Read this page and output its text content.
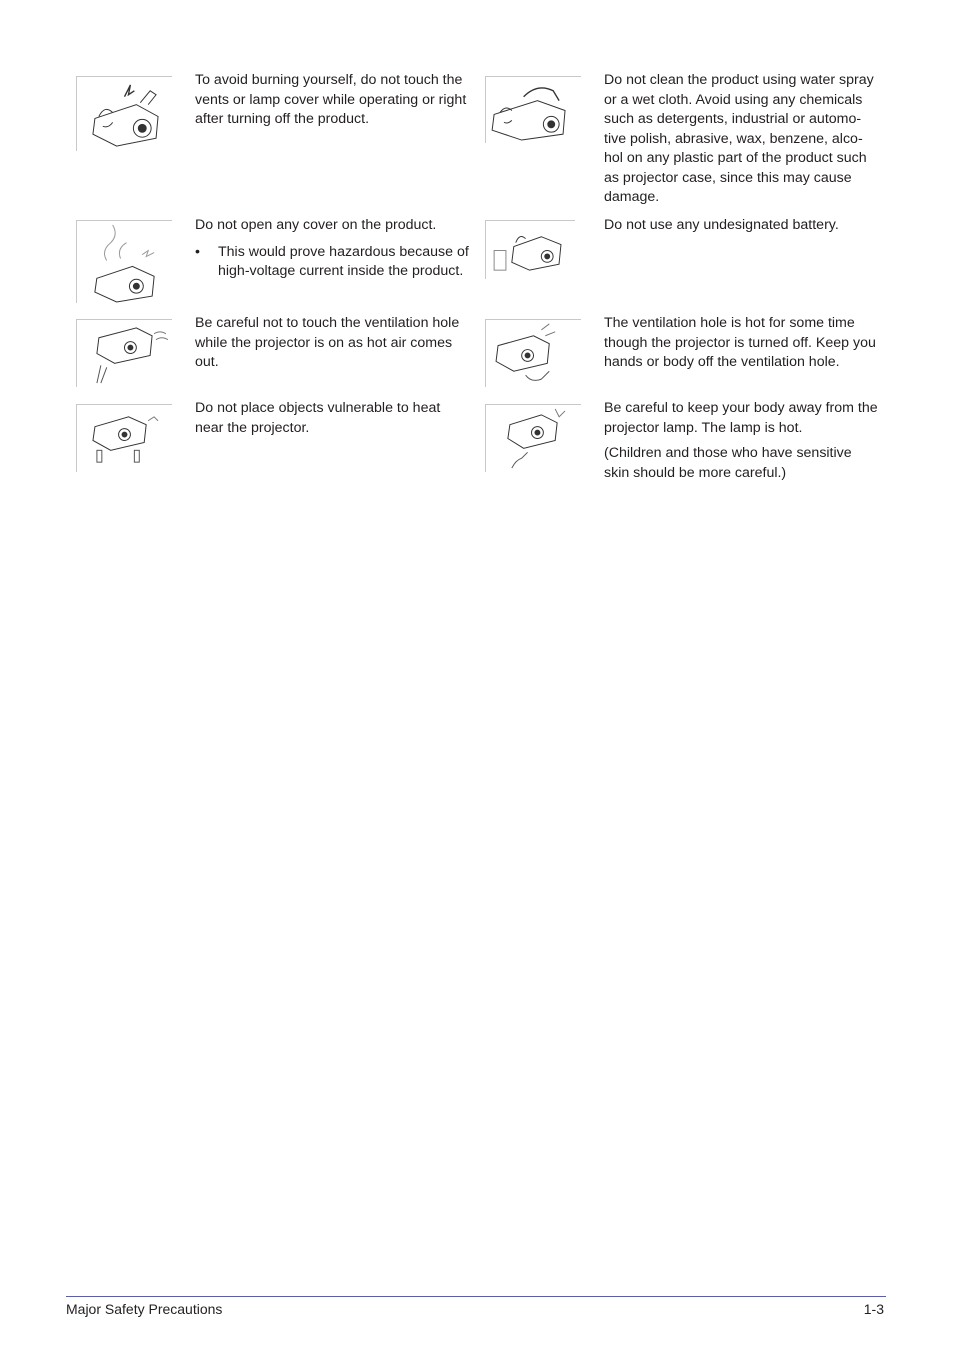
To avoid burning yourself, do not touch the vents or lamp cover while operating or right after turning off the product.

Do not clean the product using water spray or a wet cloth. Avoid using any chemicals such as detergents, industrial or automo-tive polish, abrasive, wax, benzene, alco-hol on any plastic part of the product such as projector case, since this may cause damage.

Do not open any cover on the product.

• This would prove hazardous because of high-voltage current inside the product.

Do not use any undesignated battery.

Be careful not to touch the ventilation hole while the projector is on as hot air comes out.

The ventilation hole is hot for some time though the projector is turned off. Keep you hands or body off the ventilation hole.

Do not place objects vulnerable to heat near the projector.

Be careful to keep your body away from the projector lamp. The lamp is hot.

(Children and those who have sensitive skin should be more careful.)

Major Safety Precautions	1-3
